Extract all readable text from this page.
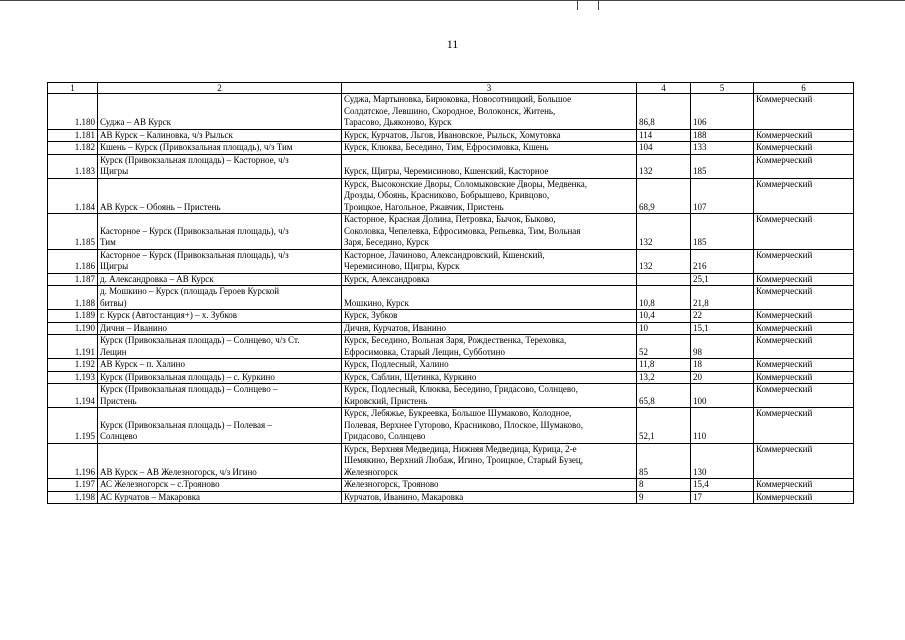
11
1	2	3	4	5	6
1.180	Суджа – АВ Курск	Суджа, Мартыновка, Бирюковка, Новосотницкий, Большое
Солдатское, Левшино, Скородное, Волоконск, Житень,
Тарасово, Дьяконово, Курск	86,8	106	Коммерческий
1.181	АВ Курск – Калиновка, ч/з Рыльск	Курск, Курчатов, Льгов, Ивановское, Рыльск, Хомутовка	114	188	Коммерческий
1.182	Кшень – Курск (Привокзальная площадь), ч/з Тим	Курск, Клюква, Беседино, Тим, Ефросимовка, Кшень	104	133	Коммерческий
1.183	Курск (Привокзальная площадь) – Касторное, ч/з
Щигры	Курск, Щигры, Черемисиново, Кшенский, Касторное	132	185	Коммерческий
1.184	АВ Курск – Обоянь – Пристень	Курск, Высоконские Дворы, Соломыковские Дворы, Медвенка,
Дрозды, Обоянь, Красниково, Бобрышево, Кривцово,
Троицкое, Нагольное, Ржавчик, Пристень	68,9	107	Коммерческий
1.185	Касторное – Курск (Привокзальная площадь), ч/з
Тим	Касторное, Красная Долина, Петровка, Бычок, Быково,
Соколовка, Чепелевка, Ефросимовка, Репьевка, Тим, Вольная
Заря, Беседино, Курск	132	185	Коммерческий
1.186	Касторное – Курск (Привокзальная площадь), ч/з
Щигры	Касторное, Лачиново, Александровский, Кшенский,
Черемисиново, Щигры, Курск	132	216	Коммерческий
1.187	д. Александровка – АВ Курск	Курск, Александровка		25,1	Коммерческий
1.188	д. Мошкино – Курск (площадь Героев Курской
битвы)	Мошкино, Курск	10,8	21,8	Коммерческий
1.189	г. Курск (Автостанция+) – х. Зубков	Курск, Зубков	10,4	22	Коммерческий
1.190	Дичня – Иванино	Дичня, Курчатов, Иванино	10	15,1	Коммерческий
1.191	Курск (Привокзальная площадь) – Солнцево, ч/з Ст.
Лещин	Курск, Беседино, Вольная Заря, Рождественка, Тереховка,
Ефросимовка, Старый Лещин, Субботино	52	98	Коммерческий
1.192	АВ Курск – п. Халино	Курск, Подлесный, Халино	11,8	18	Коммерческий
1.193	Курск (Привокзальная площадь) – с. Куркино	Курск, Саблин, Щетинка, Куркино	13,2	20	Коммерческий
1.194	Курск (Привокзальная площадь) – Солнцево –
Пристень	Курск, Подлесный, Клюква, Беседино, Гридасово, Солнцево,
Кировский, Пристень	65,8	100	Коммерческий
1.195	Курск (Привокзальная площадь) – Полевая –
Солнцево	Курск, Лебяжье, Букреевка, Большое Шумаково, Колодное,
Полевая, Верхнее Гуторово, Красниково, Плоское, Шумаково,
Гридасово, Солнцево	52,1	110	Коммерческий
1.196	АВ Курск – АВ Железногорск, ч/з Игино	Курск, Верхняя Медведица, Нижняя Медведица, Курица, 2-е
Шемякино, Верхний Любаж, Игино, Троицкое, Старый Бузец,
Железногорск	85	130	Коммерческий
1.197	АС Железногорск – с.Трояново	Железногорск, Трояново	8	15,4	Коммерческий
1.198	АС Курчатов – Макаровка	Курчатов, Иванино, Макаровка	9	17	Коммерческий
